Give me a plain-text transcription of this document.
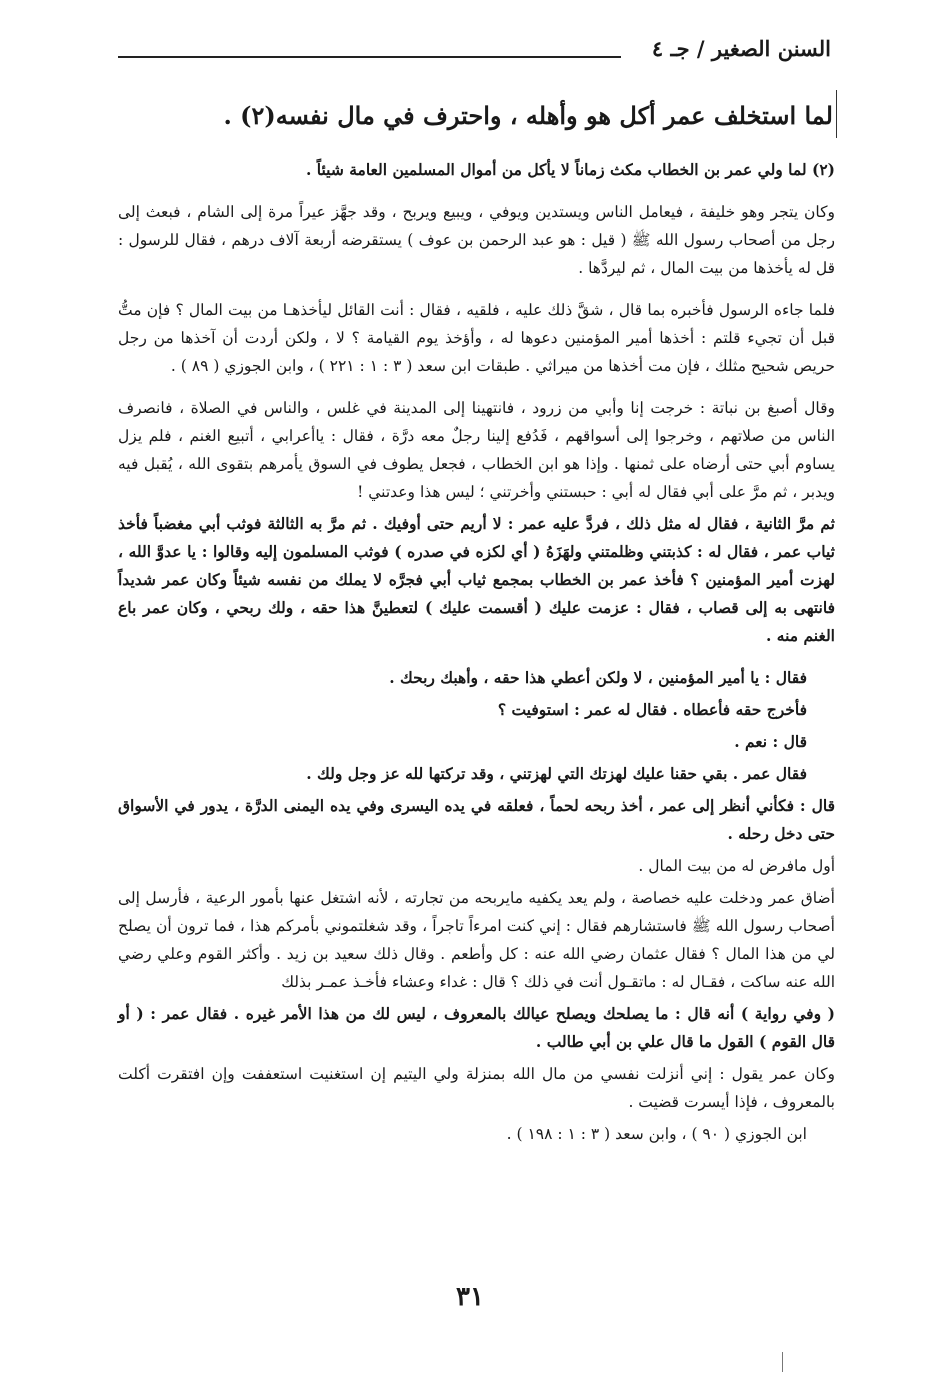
السنن الصغير / جـ ٤
لما استخلف عمر أكل هو وأهله ، واحترف في مال نفسه(٢) .

(٢) لما ولي عمر بن الخطاب مكث زماناً لا يأكل من أموال المسلمين العامة شيئاً .

وكان يتجر وهو خليفة ، فيعامل الناس ويستدين ويوفي ، ويبيع ويربح ، وقد جهَّز عيراً مرة إلى الشام ، فبعث إلى رجل من أصحاب رسول الله ﷺ ( قيل : هو عبد الرحمن بن عوف ) يستقرضه أربعة آلاف درهم ، فقال للرسول : قل له يأخذها من بيت المال ، ثم ليردَّها .

فلما جاءه الرسول فأخبره بما قال ، شقَّ ذلك عليه ، فلقيه ، فقال : أنت القائل ليأخذهـا من بيت المال ؟ فإن متُّ قبل أن تجيء قلتم : أخذها أمير المؤمنين دعوها له ، وأؤخذ يوم القيامة ؟ لا ، ولكن أردت أن آخذها من رجل حريص شحيح مثلك ، فإن مت أخذها من ميراثي . طبقات ابن سعد ( ٣ : ١ : ٢٢١ ) ، وابن الجوزي ( ٨٩ ) .

وقال أصبغ بن نباتة : خرجت إنا وأبي من زرود ، فانتهينا إلى المدينة في غلس ، والناس في الصلاة ، فانصرف الناس من صلاتهم ، وخرجوا إلى أسواقهم ، فَدُفع إلينا رجلٌ معه درَّة ، فقال : ياأعرابي ، أتبيع الغنم ، فلم يزل يساوم أبي حتى أرضاه على ثمنها . وإذا هو ابن الخطاب ، فجعل يطوف في السوق يأمرهم بتقوى الله ، يُقبل فيه ويدبر ، ثم مرَّ على أبي فقال له أبي : حبستني وأخرتني ؛ ليس هذا وعدتني !

ثم مرَّ الثانية ، فقال له مثل ذلك ، فردَّ عليه عمر : لا أريم حتى أوفيك . ثم مرَّ به الثالثة فوثب أبي مغضباً فأخذ ثياب عمر ، فقال له : كذبتني وظلمتني ولهَزَهُ ( أي لكزه في صدره ) فوثب المسلمون إليه وقالوا : يا عدوَّ الله ، لهزت أمير المؤمنين ؟ فأخذ عمر بن الخطاب بمجمع ثياب أبي فجرَّه لا يملك من نفسه شيئاً وكان عمر شديداً فانتهى به إلى قصاب ، فقال : عزمت عليك ( أقسمت عليك ) لتعطينَّ هذا حقه ، ولك ربحي ، وكان عمر باع الغنم منه .

فقال : يا أمير المؤمنين ، لا ولكن أعطي هذا حقه ، وأهبك ربحك .

فأخرج حقه فأعطاه . فقال له عمر : استوفيت ؟

قال : نعم .

فقال عمر . بقي حقنا عليك لهزتك التي لهزتني ، وقد تركتها لله عز وجل ولك .

قال : فكأني أنظر إلى عمر ، أخذ ربحه لحماً ، فعلقه في يده اليسرى وفي يده اليمنى الدرَّة ، يدور في الأسواق حتى دخل رحله .

أول مافرض له من بيت المال .

أضاق عمر ودخلت عليه خصاصة ، ولم يعد يكفيه مايربحه من تجارته ، لأنه اشتغل عنها بأمور الرعية ، فأرسل إلى أصحاب رسول الله ﷺ فاستشارهم فقال : إني كنت امرءاً تاجراً ، وقد شغلتموني بأمركم هذا ، فما ترون أن يصلح لي من هذا المال ؟ فقال عثمان رضي الله عنه : كل وأطعم . وقال ذلك سعيد بن زيد . وأكثر القوم وعلي رضي الله عنه ساكت ، فقـال له : ماتقـول أنت في ذلك ؟ قال : غداء وعشاء فأخـذ عمـر بذلك

( وفي رواية ) أنه قال : ما يصلحك ويصلح عيالك بالمعروف ، ليس لك من هذا الأمر غيره . فقال عمر : ( أو قال القوم ) القول ما قال علي بن أبي طالب .

وكان عمر يقول : إني أنزلت نفسي من مال الله بمنزلة ولي اليتيم إن استغنيت استعففت وإن افتقرت أكلت بالمعروف ، فإذا أيسرت قضيت .

ابن الجوزي ( ٩٠ ) ، وابن سعد ( ٣ : ١ : ١٩٨ ) .

٣١
